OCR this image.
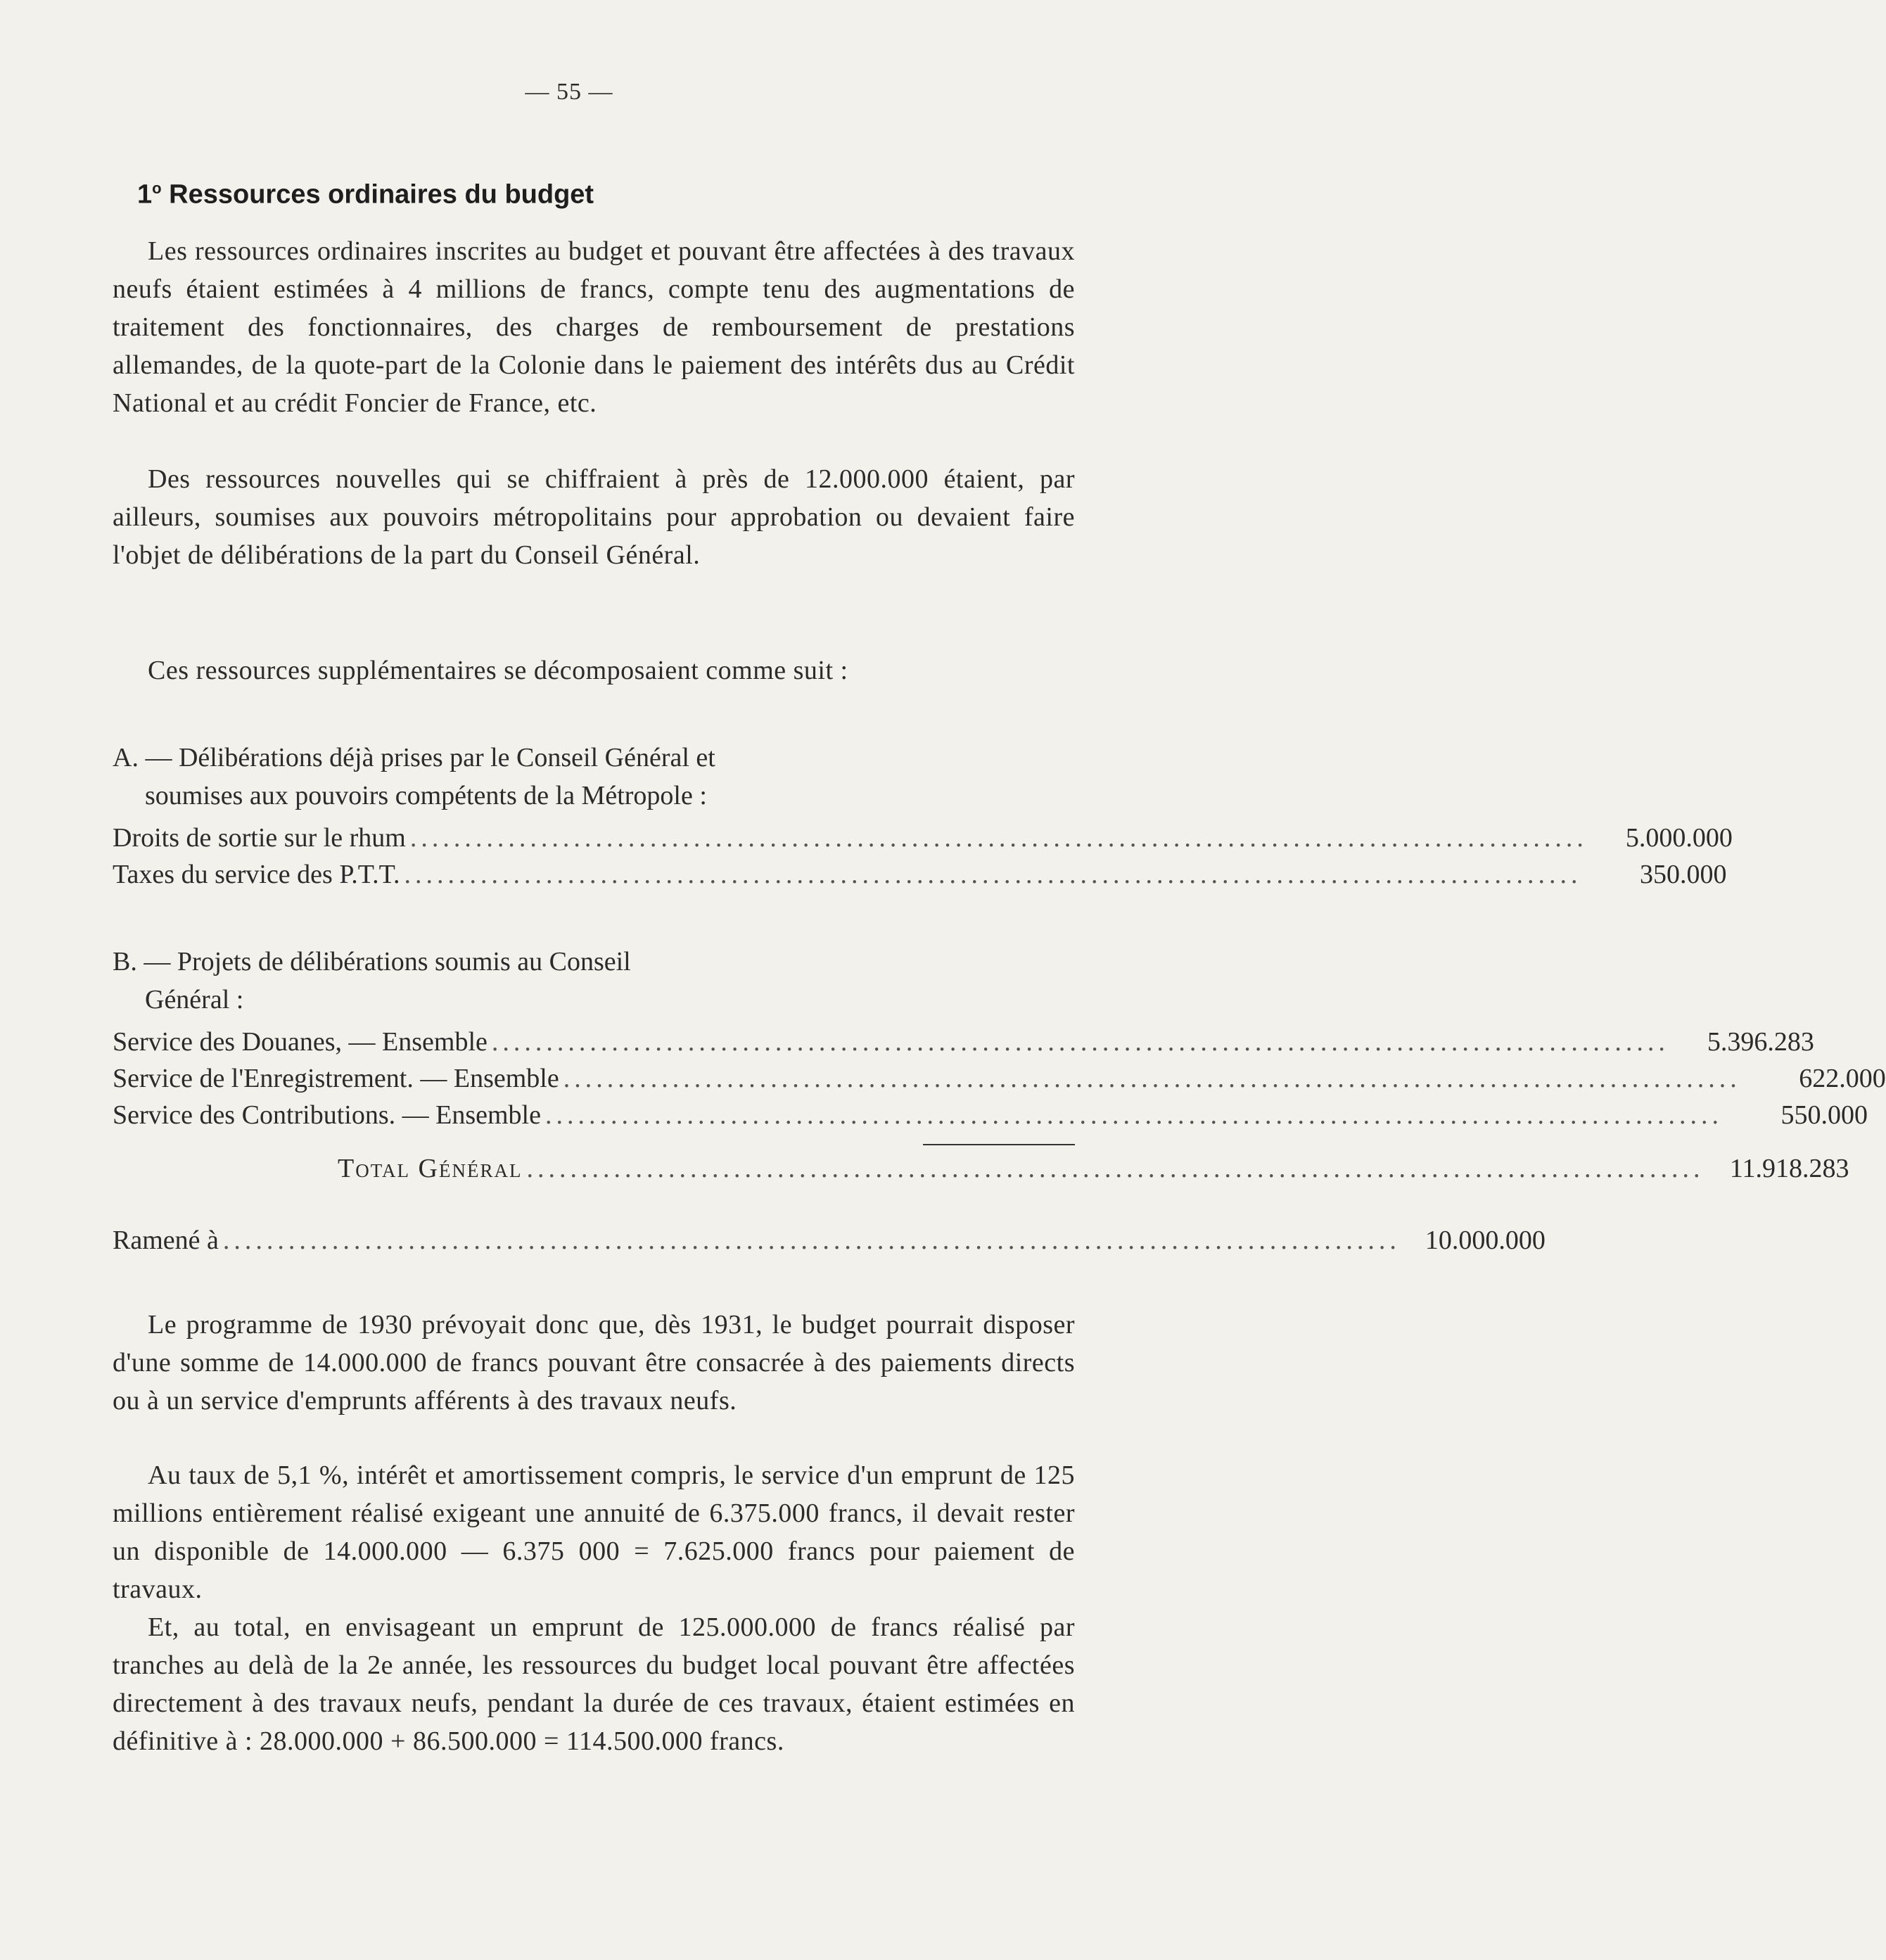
— 55 —
1$^o$ Ressources ordinaires du budget
Les ressources ordinaires inscrites au budget et pouvant être affectées à des travaux neufs étaient estimées à 4 millions de francs, compte tenu des augmentations de traitement des fonctionnaires, des charges de remboursement de prestations allemandes, de la quote-part de la Colonie dans le paiement des intérêts dus au Crédit National et au crédit Foncier de France, etc.
Des ressources nouvelles qui se chiffraient à près de 12.000.000 étaient, par ailleurs, soumises aux pouvoirs métropolitains pour approbation ou devaient faire l'objet de délibérations de la part du Conseil Général.
Ces ressources supplémentaires se décomposaient comme suit :
A. — Délibérations déjà prises par le Conseil Général et
soumises aux pouvoirs compétents de la Métropole :
Droits de sortie sur le rhum ............................................................................................................	5.000.000
Taxes du service des P.T.T. ............................................................................................................	350.000
B. — Projets de délibérations soumis au Conseil
Général :
Service des Douanes, — Ensemble ............................................................................................................	5.396.283
Service de l'Enregistrement. — Ensemble ............................................................................................................	622.000
Service des Contributions. — Ensemble ............................................................................................................	550.000
Total Général ............................................................................................................ 11.918.283
Ramené à ............................................................................................................ 10.000.000
Le programme de 1930 prévoyait donc que, dès 1931, le budget pourrait disposer d'une somme de 14.000.000 de francs pouvant être consacrée à des paiements directs ou à un service d'emprunts afférents à des travaux neufs.
Au taux de 5,1 %, intérêt et amortissement compris, le service d'un emprunt de 125 millions entièrement réalisé exigeant une annuité de 6.375.000 francs, il devait rester un disponible de 14.000.000 — 6.375 000 = 7.625.000 francs pour paiement de travaux.
Et, au total, en envisageant un emprunt de 125.000.000 de francs réalisé par tranches au delà de la 2e année, les ressources du budget local pouvant être affectées directement à des travaux neufs, pendant la durée de ces travaux, étaient estimées en définitive à : 28.000.000 + 86.500.000 = 114.500.000 francs.
